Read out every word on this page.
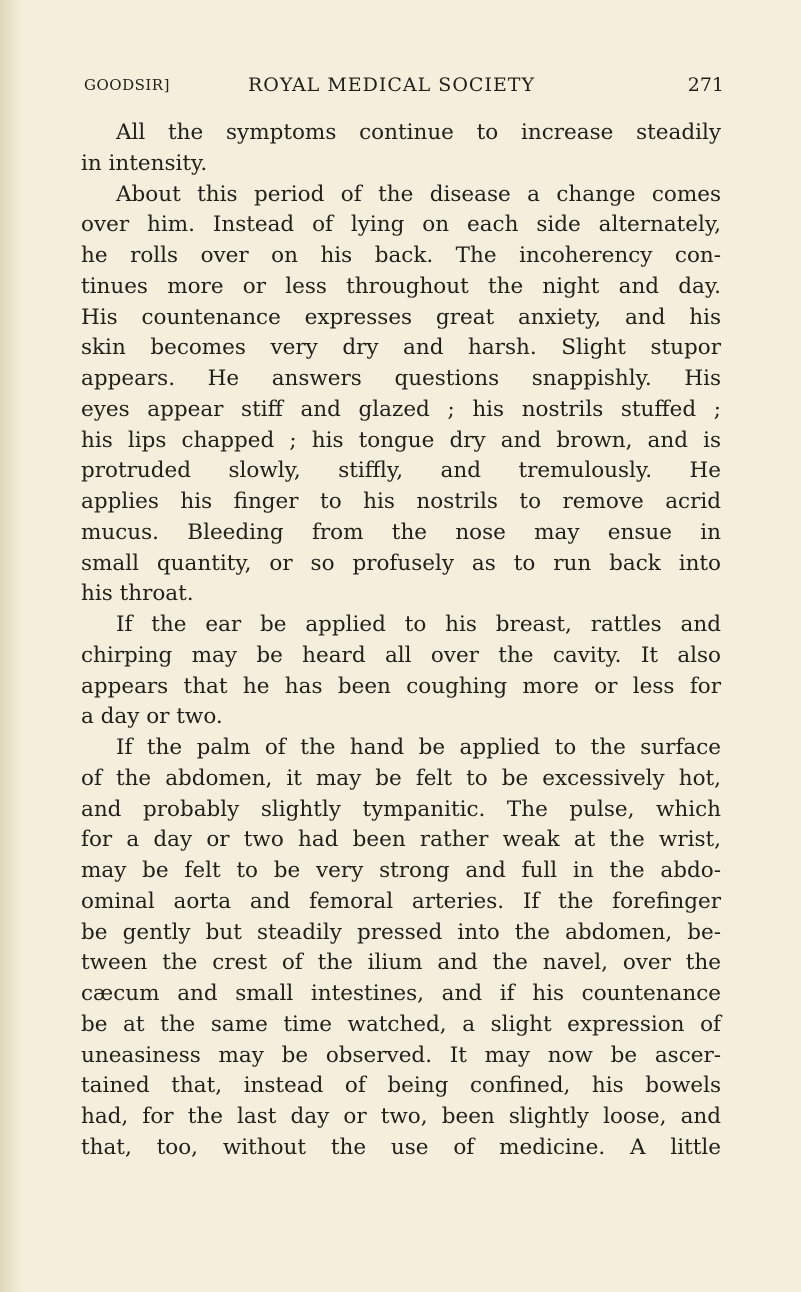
GOODSIR]	ROYAL MEDICAL SOCIETY	271
All the symptoms continue to increase steadily
in intensity.
About this period of the disease a change comes
over him. Instead of lying on each side alternately,
he rolls over on his back. The incoherency con-
tinues more or less throughout the night and day.
His countenance expresses great anxiety, and his
skin becomes very dry and harsh. Slight stupor
appears. He answers questions snappishly. His
eyes appear stiff and glazed ; his nostrils stuffed ;
his lips chapped ; his tongue dry and brown, and is
protruded slowly, stiffly, and tremulously. He
applies his finger to his nostrils to remove acrid
mucus. Bleeding from the nose may ensue in
small quantity, or so profusely as to run back into
his throat.
If the ear be applied to his breast, rattles and
chirping may be heard all over the cavity. It also
appears that he has been coughing more or less for
a day or two.
If the palm of the hand be applied to the surface
of the abdomen, it may be felt to be excessively hot,
and probably slightly tympanitic. The pulse, which
for a day or two had been rather weak at the wrist,
may be felt to be very strong and full in the abdo-
ominal aorta and femoral arteries. If the forefinger
be gently but steadily pressed into the abdomen, be-
tween the crest of the ilium and the navel, over the
cæcum and small intestines, and if his countenance
be at the same time watched, a slight expression of
uneasiness may be observed. It may now be ascer-
tained that, instead of being confined, his bowels
had, for the last day or two, been slightly loose, and
that, too, without the use of medicine. A little
